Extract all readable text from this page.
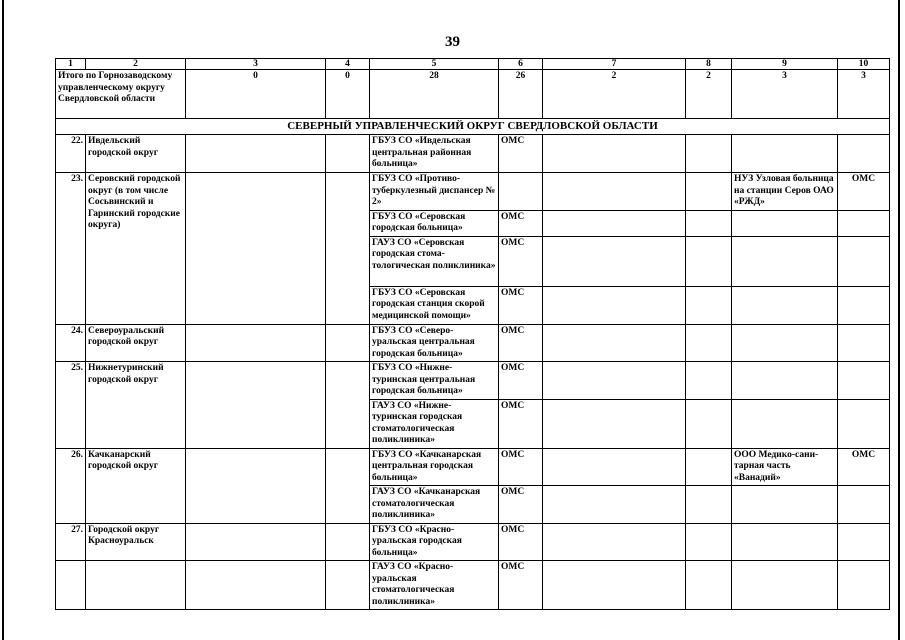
39
1	2	3	4	5	6	7	8	9	10
Итого по Горнозаводскому управленческому округу Свердловской области		0	0	28	26	2	2	3	3
СЕВЕРНЫЙ УПРАВЛЕНЧЕСКИЙ ОКРУГ СВЕРДЛОВСКОЙ ОБЛАСТИ									
22.	Ивдельский городской округ			ГБУЗ СО «Ивдельская центральная районная больница»	ОМС				
23.	Серовский городской округ (в том числе Сосьвинский и Гаринский городские округа)			ГБУЗ СО «Противо-туберкулезный диспансер № 2»				НУЗ Узловая больница на станции Серов ОАО «РЖД»	ОМС
				ГБУЗ СО «Серовская городская больница»	ОМС				
				ГАУЗ СО «Серовская городская стома-тологическая поликлиника»	ОМС				
				ГБУЗ СО «Серовская городская станция скорой медицинской помощи»	ОМС				
24.	Североуральский городской округ			ГБУЗ СО «Северо-уральская центральная городская больница»	ОМС				
25.	Нижнетуринский городской округ			ГБУЗ СО «Нижне-туринская центральная городская больница»	ОМС				
				ГАУЗ СО «Нижне-туринская городская стоматологическая поликлиника»	ОМС				
26.	Качканарский городской округ			ГБУЗ СО «Качканарская центральная городская больница»	ОМС			ООО Медико-сани-тарная часть «Ванадий»	ОМС
				ГАУЗ СО «Качканарская стоматологическая поликлиника»	ОМС				
27.	Городской округ Красноуральск			ГБУЗ СО «Красно-уральская городская больница»	ОМС				
				ГАУЗ СО «Красно-уральская стоматологическая поликлиника»	ОМС				
